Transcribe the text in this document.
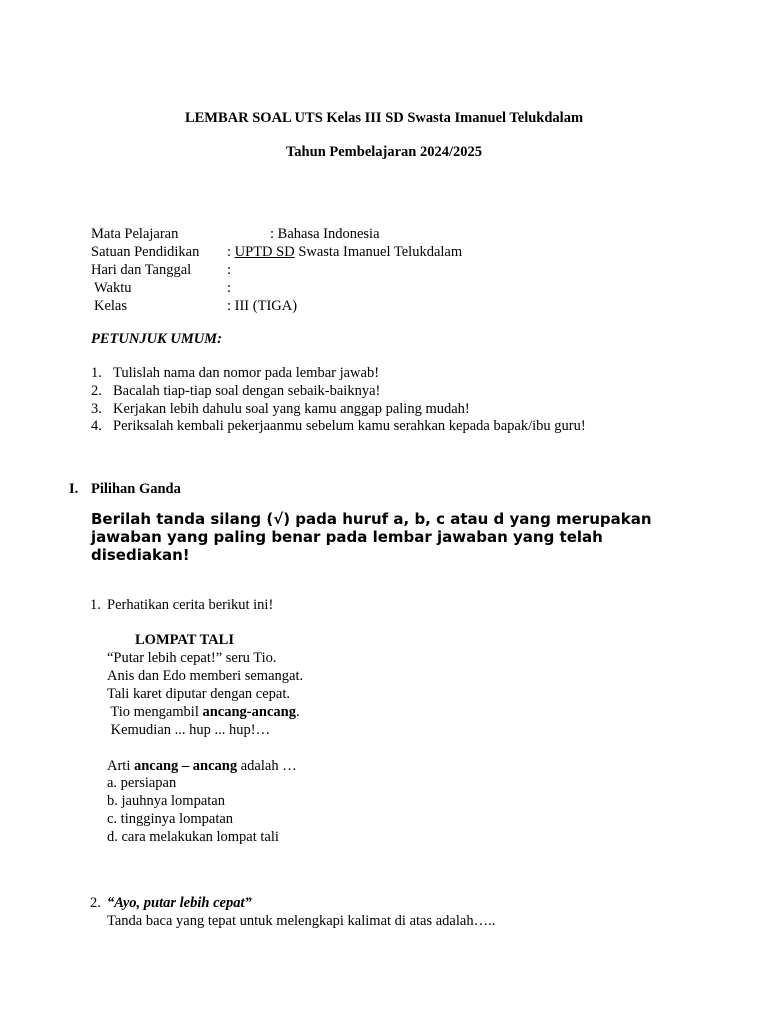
LEMBAR SOAL UTS Kelas III SD Swasta Imanuel Telukdalam
Tahun Pembelajaran 2024/2025
Mata Pelajaran	: Bahasa Indonesia
Satuan Pendidikan : UPTD SD Swasta Imanuel Telukdalam
Hari dan Tanggal :
Waktu	:
Kelas	: III (TIGA)
PETUNJUK UMUM:
1. Tulislah nama dan nomor pada lembar jawab!
2. Bacalah tiap-tiap soal dengan sebaik-baiknya!
3. Kerjakan lebih dahulu soal yang kamu anggap paling mudah!
4. Periksalah kembali pekerjaanmu sebelum kamu serahkan kepada bapak/ibu guru!
I. Pilihan Ganda
Berilah tanda silang (√) pada huruf a, b, c atau d yang merupakan
jawaban yang paling benar pada lembar jawaban yang telah
disediakan!
1. Perhatikan cerita berikut ini!
LOMPAT TALI
“Putar lebih cepat!” seru Tio.
Anis dan Edo memberi semangat.
Tali karet diputar dengan cepat.
Tio mengambil ancang-ancang.
Kemudian ... hup ... hup!…
Arti ancang – ancang adalah …
a. persiapan
b. jauhnya lompatan
c. tingginya lompatan
d. cara melakukan lompat tali
2. “Ayo, putar lebih cepat”
Tanda baca yang tepat untuk melengkapi kalimat di atas adalah…..
